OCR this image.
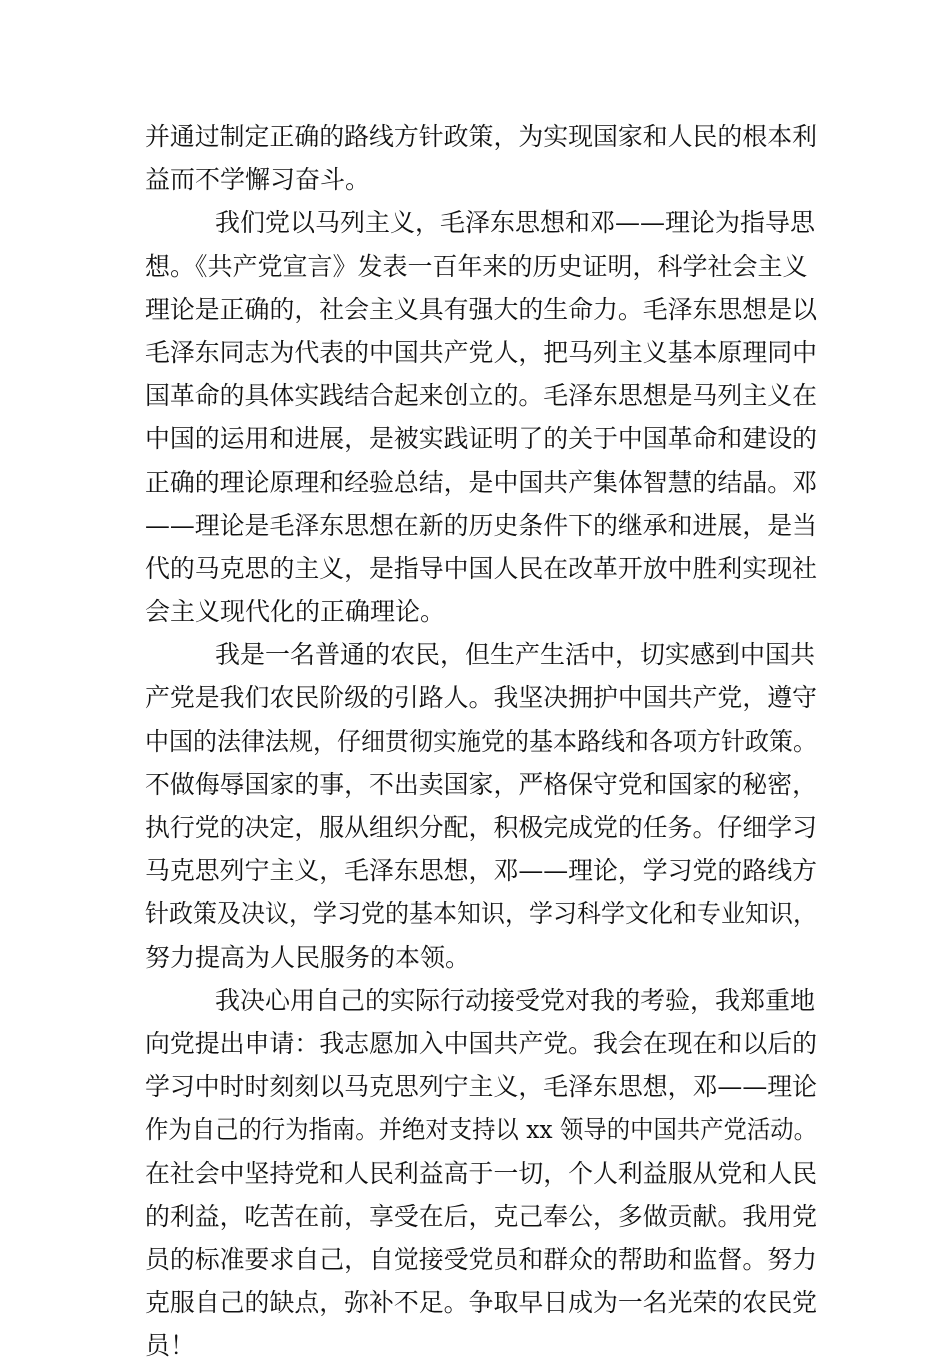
并通过制定正确的路线方针政策，为实现国家和人民的根本利
益而不学懈习奋斗。
我们党以马列主义，毛泽东思想和邓——理论为指导思
想。《共产党宣言》发表一百年来的历史证明，科学社会主义
理论是正确的，社会主义具有强大的生命力。毛泽东思想是以
毛泽东同志为代表的中国共产党人，把马列主义基本原理同中
国革命的具体实践结合起来创立的。毛泽东思想是马列主义在
中国的运用和进展，是被实践证明了的关于中国革命和建设的
正确的理论原理和经验总结，是中国共产集体智慧的结晶。邓
——理论是毛泽东思想在新的历史条件下的继承和进展，是当
代的马克思的主义，是指导中国人民在改革开放中胜利实现社
会主义现代化的正确理论。
我是一名普通的农民，但生产生活中，切实感到中国共
产党是我们农民阶级的引路人。我坚决拥护中国共产党，遵守
中国的法律法规，仔细贯彻实施党的基本路线和各项方针政策。
不做侮辱国家的事，不出卖国家，严格保守党和国家的秘密，
执行党的决定，服从组织分配，积极完成党的任务。仔细学习
马克思列宁主义，毛泽东思想，邓——理论，学习党的路线方
针政策及决议，学习党的基本知识，学习科学文化和专业知识，
努力提高为人民服务的本领。
我决心用自己的实际行动接受党对我的考验，我郑重地
向党提出申请：我志愿加入中国共产党。我会在现在和以后的
学习中时时刻刻以马克思列宁主义，毛泽东思想，邓——理论
作为自己的行为指南。并绝对支持以 xx 领导的中国共产党活动。
在社会中坚持党和人民利益高于一切，个人利益服从党和人民
的利益，吃苦在前，享受在后，克己奉公，多做贡献。我用党
员的标准要求自己，自觉接受党员和群众的帮助和监督。努力
克服自己的缺点，弥补不足。争取早日成为一名光荣的农民党
员！
